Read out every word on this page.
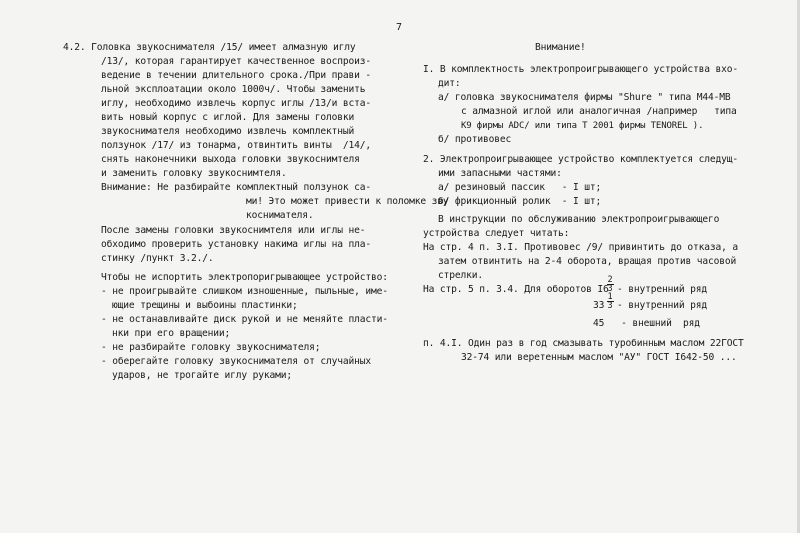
7
4.2. Головка звукоснимателя /15/ имеет алмазную иглу
/13/, которая гарантирует качественное воспроиз-
ведение в течении длительного срока./При прави -
льной эксплоатации около 1000ч/. Чтобы заменить
иглу, необходимо извлечь корпус иглы /13/и вста-
вить новый корпус с иглой. Для замены головки
звукоснимателя необходимо извлечь комплектный
ползунок /17/ из тонарма, отвинтить винты  /14/,
снять наконечники выхода головки звукоснимтеля
и заменить головку звукоснимтеля.
Внимание: Не разбирайте комплектный ползунок са-
ми! Это может привести к поломке зву
коснимателя.
После замены головки звукоснимтеля или иглы не-
обходимо проверить установку накима иглы на пла-
стинку /пункт 3.2./.
Чтобы не испортить электропоригрывающее устройство:
- не проигрывайте слишком изношенные, пыльные, име-
ющие трещины и выбоины пластинки;
- не останавливайте диск рукой и не меняйте пласти-
нки при его вращении;
- не разбирайте головку звукоснимателя;
- оберегайте головку звукоснимателя от случайных
ударов, не трогайте иглу руками;
Внимание!
I. В комплектность электропроигрывающего устройства вхо-
дит:
а/ головка звукоснимателя фирмы "Shure " типа M44-MB
с алмазной иглой или аналогичная /например   типа
K9 фирмы ADC/ или типа T 2001 фирмы TENOREL ).
б/ противовес
2. Электропроигрывающее устройство комплектуется следущ-
ими запасными частями:
а/ резиновый пассик   - I шт;
б/ фрикционный ролик  - I шт;
В инструкции по обслуживанию электропроигрывающего
устройства следует читать:
На стр. 4 п. 3.I. Противовес /9/ привинтить до отказа, а
затем отвинтить на 2-4 оборота, вращая против часовой
стрелки.
На стр. 5 п. 3.4. Для оборотов I6 - внутренний ряд
33 - внутренний ряд
45   - внешний  ряд
п. 4.I. Один раз в год смазывать туробинным маслом 22ГОСТ
32-74 или веретенным маслом "АУ" ГОСТ I642-50 ...
2
3
1
3
